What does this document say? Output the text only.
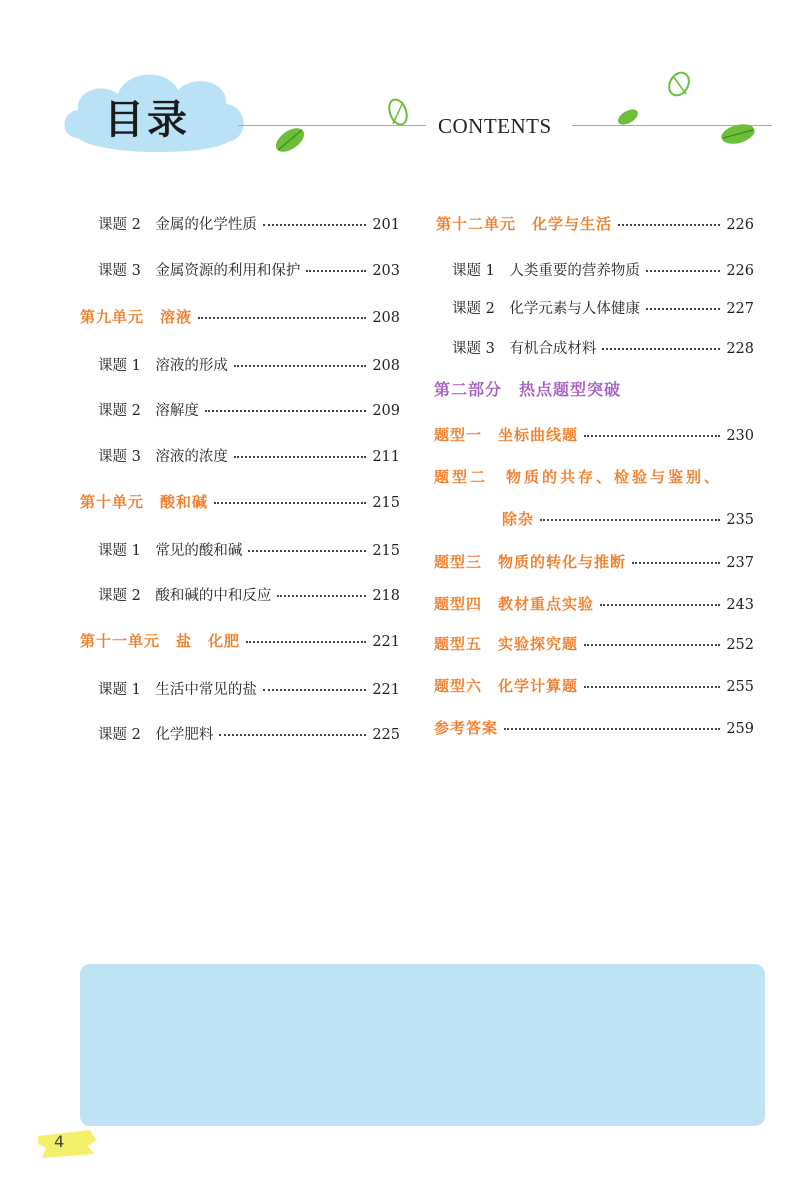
目录	CONTENTS
课题 2　金属的化学性质	201
课题 3　金属资源的利用和保护	203
第九单元　溶液	208
课题 1　溶液的形成	208
课题 2　溶解度	209
课题 3　溶液的浓度	211
第十单元　酸和碱	215
课题 1　常见的酸和碱	215
课题 2　酸和碱的中和反应	218
第十一单元　盐　化肥	221
课题 1　生活中常见的盐	221
课题 2　化学肥料	225
第十二单元　化学与生活	226
课题 1　人类重要的营养物质	226
课题 2　化学元素与人体健康	227
课题 3　有机合成材料	228
第二部分　热点题型突破
题型一　坐标曲线题	230
题型二　物质的共存、检验与鉴别、
除杂	235
题型三　物质的转化与推断	237
题型四　教材重点实验	243
题型五　实验探究题	252
题型六　化学计算题	255
参考答案	259
4
